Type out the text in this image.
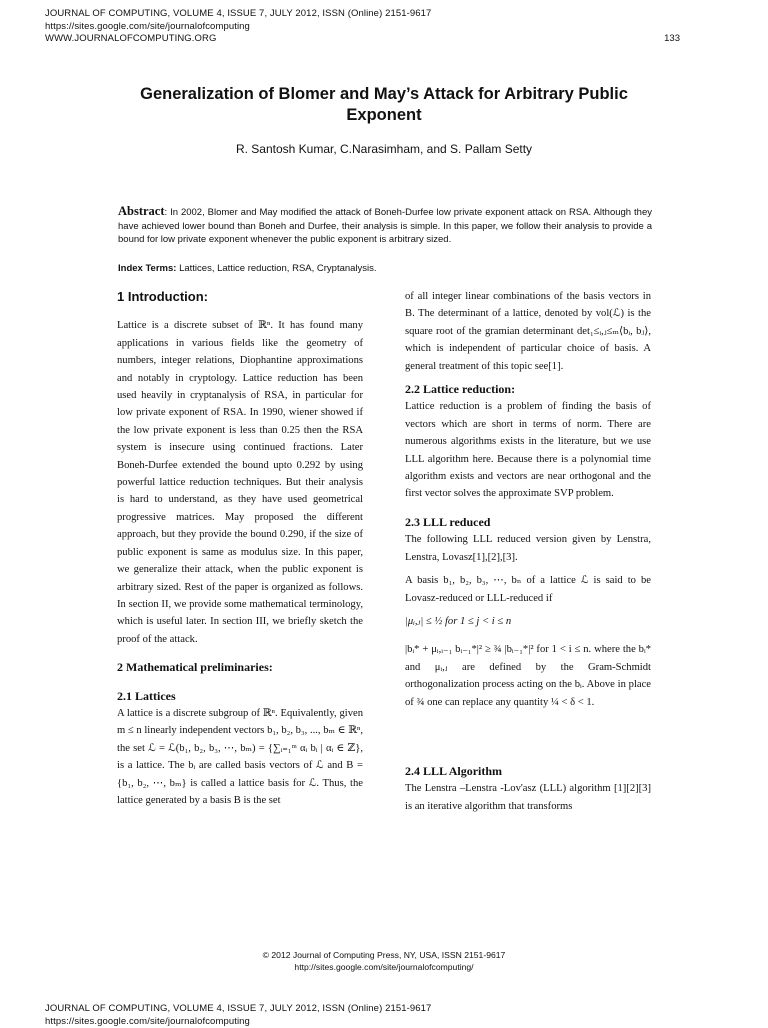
JOURNAL OF COMPUTING, VOLUME 4, ISSUE 7, JULY 2012, ISSN (Online) 2151-9617
https://sites.google.com/site/journalofcomputing
WWW.JOURNALOFCOMPUTING.ORG	133
Generalization of Blomer and May’s Attack for Arbitrary Public
Exponent
R. Santosh Kumar, C.Narasimham, and S. Pallam Setty
Abstract: In 2002, Blomer and May modified the attack of Boneh-Durfee low private exponent attack on RSA. Although they have achieved lower bound than Boneh and Durfee, their analysis is simple. In this paper, we follow their analysis to provide a bound for low private exponent whenever the public exponent is arbitrary sized.
Index Terms: Lattices, Lattice reduction, RSA, Cryptanalysis.

1 Introduction:

Lattice is a discrete subset of ℝⁿ. It has found many applications in various fields like the geometry of numbers, integer relations, Diophantine approximations and notably in cryptology. Lattice reduction has been used heavily in cryptanalysis of RSA, in particular for low private exponent of RSA. In 1990, wiener showed if the low private exponent is less than 0.25 then the RSA system is insecure using continued fractions. Later Boneh-Durfee extended the bound upto 0.292 by using powerful lattice reduction techniques. But their analysis is hard to understand, as they have used geometrical progressive matrices. May proposed the different approach, but they provide the bound 0.290, if the size of public exponent is same as modulus size. In this paper, we generalize their attack, when the public exponent is arbitrary sized. Rest of the paper is organized as follows. In section II, we provide some mathematical terminology, which is useful later. In section III, we briefly sketch the proof of the attack.

2 Mathematical preliminaries:

2.1 Lattices

A lattice is a discrete subgroup of ℝⁿ. Equivalently, given m ≤ n linearly independent vectors b₁, b₂, b₃, ..., bₘ ∈ ℝⁿ, the set ℒ = ℒ(b₁, b₂, b₃, ⋯, bₘ) = {∑ᵢ₌₁ᵐ αᵢ bᵢ | αᵢ ∈ ℤ}, is a lattice. The bᵢ are called basis vectors of ℒ and B = {b₁, b₂, ⋯, bₘ} is called a lattice basis for ℒ. Thus, the lattice generated by a basis B is the set

of all integer linear combinations of the basis vectors in B. The determinant of a lattice, denoted by vol(ℒ) is the square root of the gramian determinant det₁≤ᵢ,ⱼ≤ₘ⟨bᵢ, bⱼ⟩, which is independent of particular choice of basis. A general treatment of this topic see[1].

2.2 Lattice reduction:

Lattice reduction is a problem of finding the basis of vectors which are short in terms of norm. There are numerous algorithms exists in the literature, but we use LLL algorithm here. Because there is a polynomial time algorithm exists and vectors are near orthogonal and the first vector solves the approximate SVP problem.

2.3 LLL reduced

The following LLL reduced version given by Lenstra, Lenstra, Lovasz[1],[2],[3].

A basis b₁, b₂, b₃, ⋯, bₙ of a lattice ℒ is said to be Lovasz-reduced or LLL-reduced if

|μᵢ,ⱼ| ≤ ½ for 1 ≤ j < i ≤ n

|bᵢ* + μᵢ,ᵢ₋₁ bᵢ₋₁*|² ≥ ¾ |bᵢ₋₁*|² for 1 < i ≤ n. where the bᵢ* and μᵢ,ⱼ are defined by the Gram-Schmidt orthogonalization process acting on the bᵢ. Above in place of ¾ one can replace any quantity ¼ < δ < 1.

2.4 LLL Algorithm

The Lenstra –Lenstra -Lov'asz (LLL) algorithm [1][2][3] is an iterative algorithm that transforms

© 2012 Journal of Computing Press, NY, USA, ISSN 2151-9617
http://sites.google.com/site/journalofcomputing/
JOURNAL OF COMPUTING, VOLUME 4, ISSUE 7, JULY 2012, ISSN (Online) 2151-9617
https://sites.google.com/site/journalofcomputing
